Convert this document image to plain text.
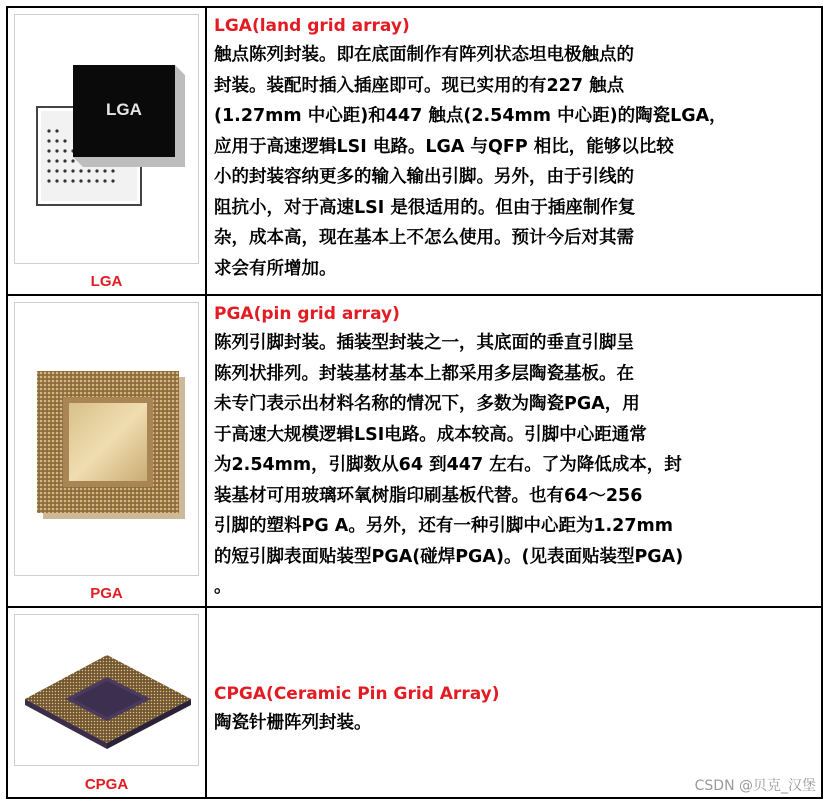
LGA
LGA
LGA(land grid array)
触点陈列封装。即在底面制作有阵列状态坦电极触点的
封装。装配时插入插座即可。现已实用的有227 触点
(1.27mm 中心距)和447 触点(2.54mm 中心距)的陶瓷LGA，
应用于高速逻辑LSI 电路。LGA 与QFP 相比，能够以比较
小的封装容纳更多的输入输出引脚。另外，由于引线的
阻抗小，对于高速LSI 是很适用的。但由于插座制作复
杂，成本高，现在基本上不怎么使用。预计今后对其需
求会有所增加。
PGA
PGA(pin grid array)
陈列引脚封装。插装型封装之一，其底面的垂直引脚呈
陈列状排列。封装基材基本上都采用多层陶瓷基板。在
未专门表示出材料名称的情况下，多数为陶瓷PGA，用
于高速大规模逻辑LSI电路。成本较高。引脚中心距通常
为2.54mm，引脚数从64 到447 左右。了为降低成本，封
装基材可用玻璃环氧树脂印刷基板代替。也有64～256
引脚的塑料PG A。另外，还有一种引脚中心距为1.27mm
的短引脚表面贴装型PGA(碰焊PGA)。(见表面贴装型PGA)
。
CPGA
CPGA(Ceramic Pin Grid Array)
陶瓷针栅阵列封装。
CSDN @贝克_汉堡
